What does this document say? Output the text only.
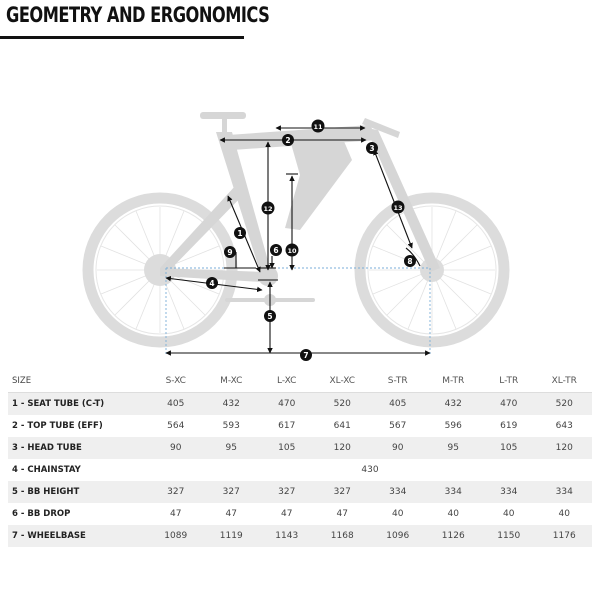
GEOMETRY AND ERGONOMICS
1
2
3
4
5
6
7
8
9	10
11
12	13
SIZE	S-XC	M-XC	L-XC	XL-XC	S-TR	M-TR	L-TR	XL-TR
1 - SEAT TUBE (C-T)	405	432	470	520	405	432	470	520
2 - TOP TUBE (EFF)	564	593	617	641	567	596	619	643
3 - HEAD TUBE	90	95	105	120	90	95	105	120
4 - CHAINSTAY	430							
5 - BB HEIGHT	327	327	327	327	334	334	334	334
6 - BB DROP	47	47	47	47	40	40	40	40
7 - WHEELBASE	1089	1119	1143	1168	1096	1126	1150	1176
